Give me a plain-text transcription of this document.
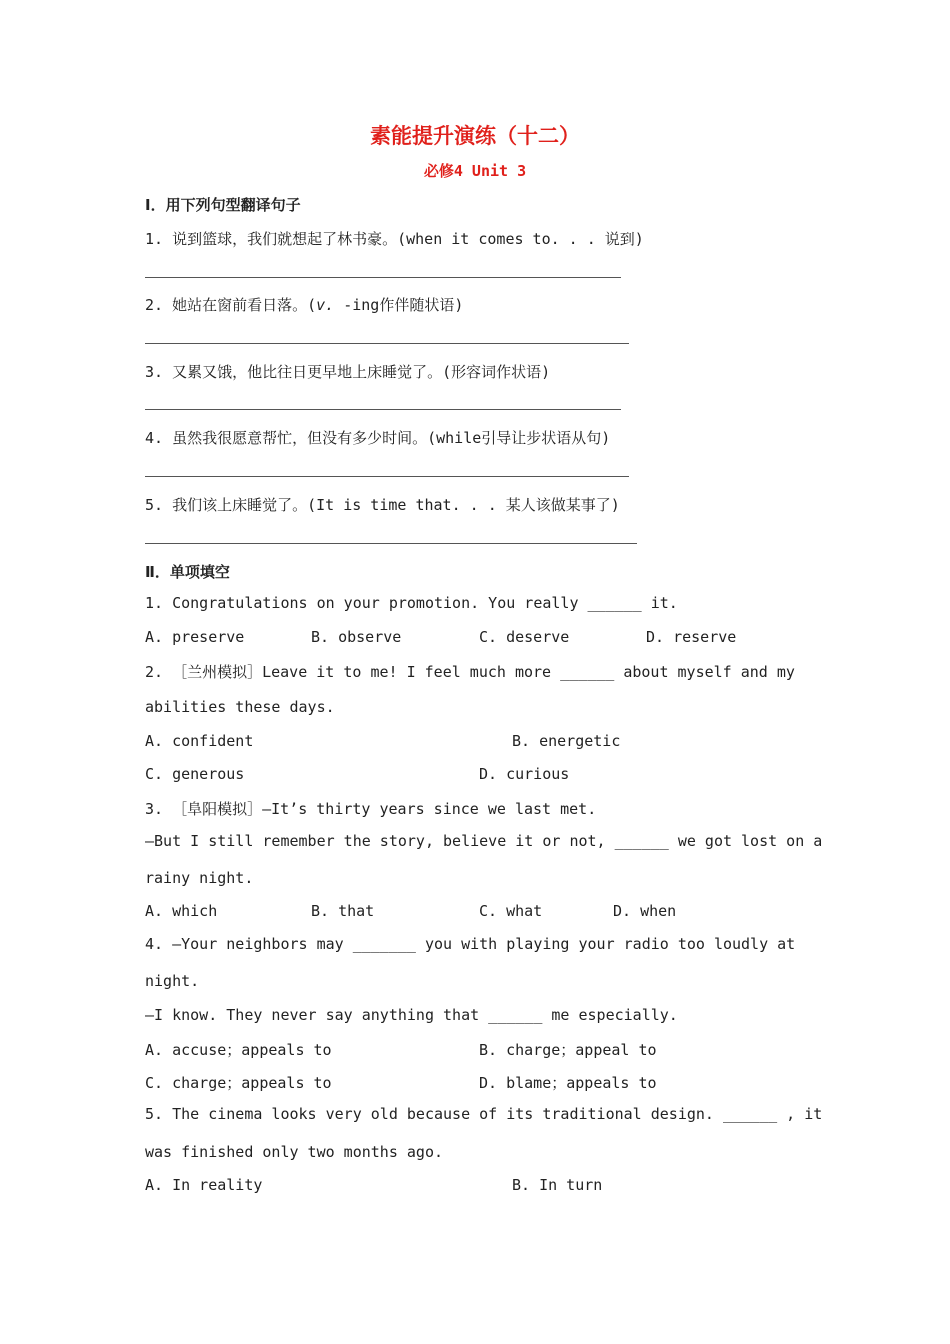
素能提升演练（十二）
必修4 Unit 3
Ⅰ．用下列句型翻译句子
1. 说到篮球，我们就想起了林书豪。(when it comes to. . . 说到)
2. 她站在窗前看日落。(v. -ing作伴随状语)
3. 又累又饿，他比往日更早地上床睡觉了。(形容词作状语)
4. 虽然我很愿意帮忙，但没有多少时间。(while引导让步状语从句)
5. 我们该上床睡觉了。(It is time that. . . 某人该做某事了)
Ⅱ．单项填空
1. Congratulations on your promotion. You really ______ it.
A. preserve	B. observe	C. deserve	D. reserve
2. ［兰州模拟］Leave it to me! I feel much more ______ about myself and my
abilities these days.
A. confident	B. energetic
C. generous	D. curious
3. ［阜阳模拟］—It’s thirty years since we last met.
—But I still remember the story, believe it or not, ______ we got lost on a
rainy night.
A. which	B. that	C. what	D. when
4. —Your neighbors may _______ you with playing your radio too loudly at
night.
—I know. They never say anything that ______ me especially.
A. accuse；appeals to	B. charge；appeal to
C. charge；appeals to	D. blame；appeals to
5. The cinema looks very old because of its traditional design. ______ , it
was finished only two months ago.
A. In reality	B. In turn
